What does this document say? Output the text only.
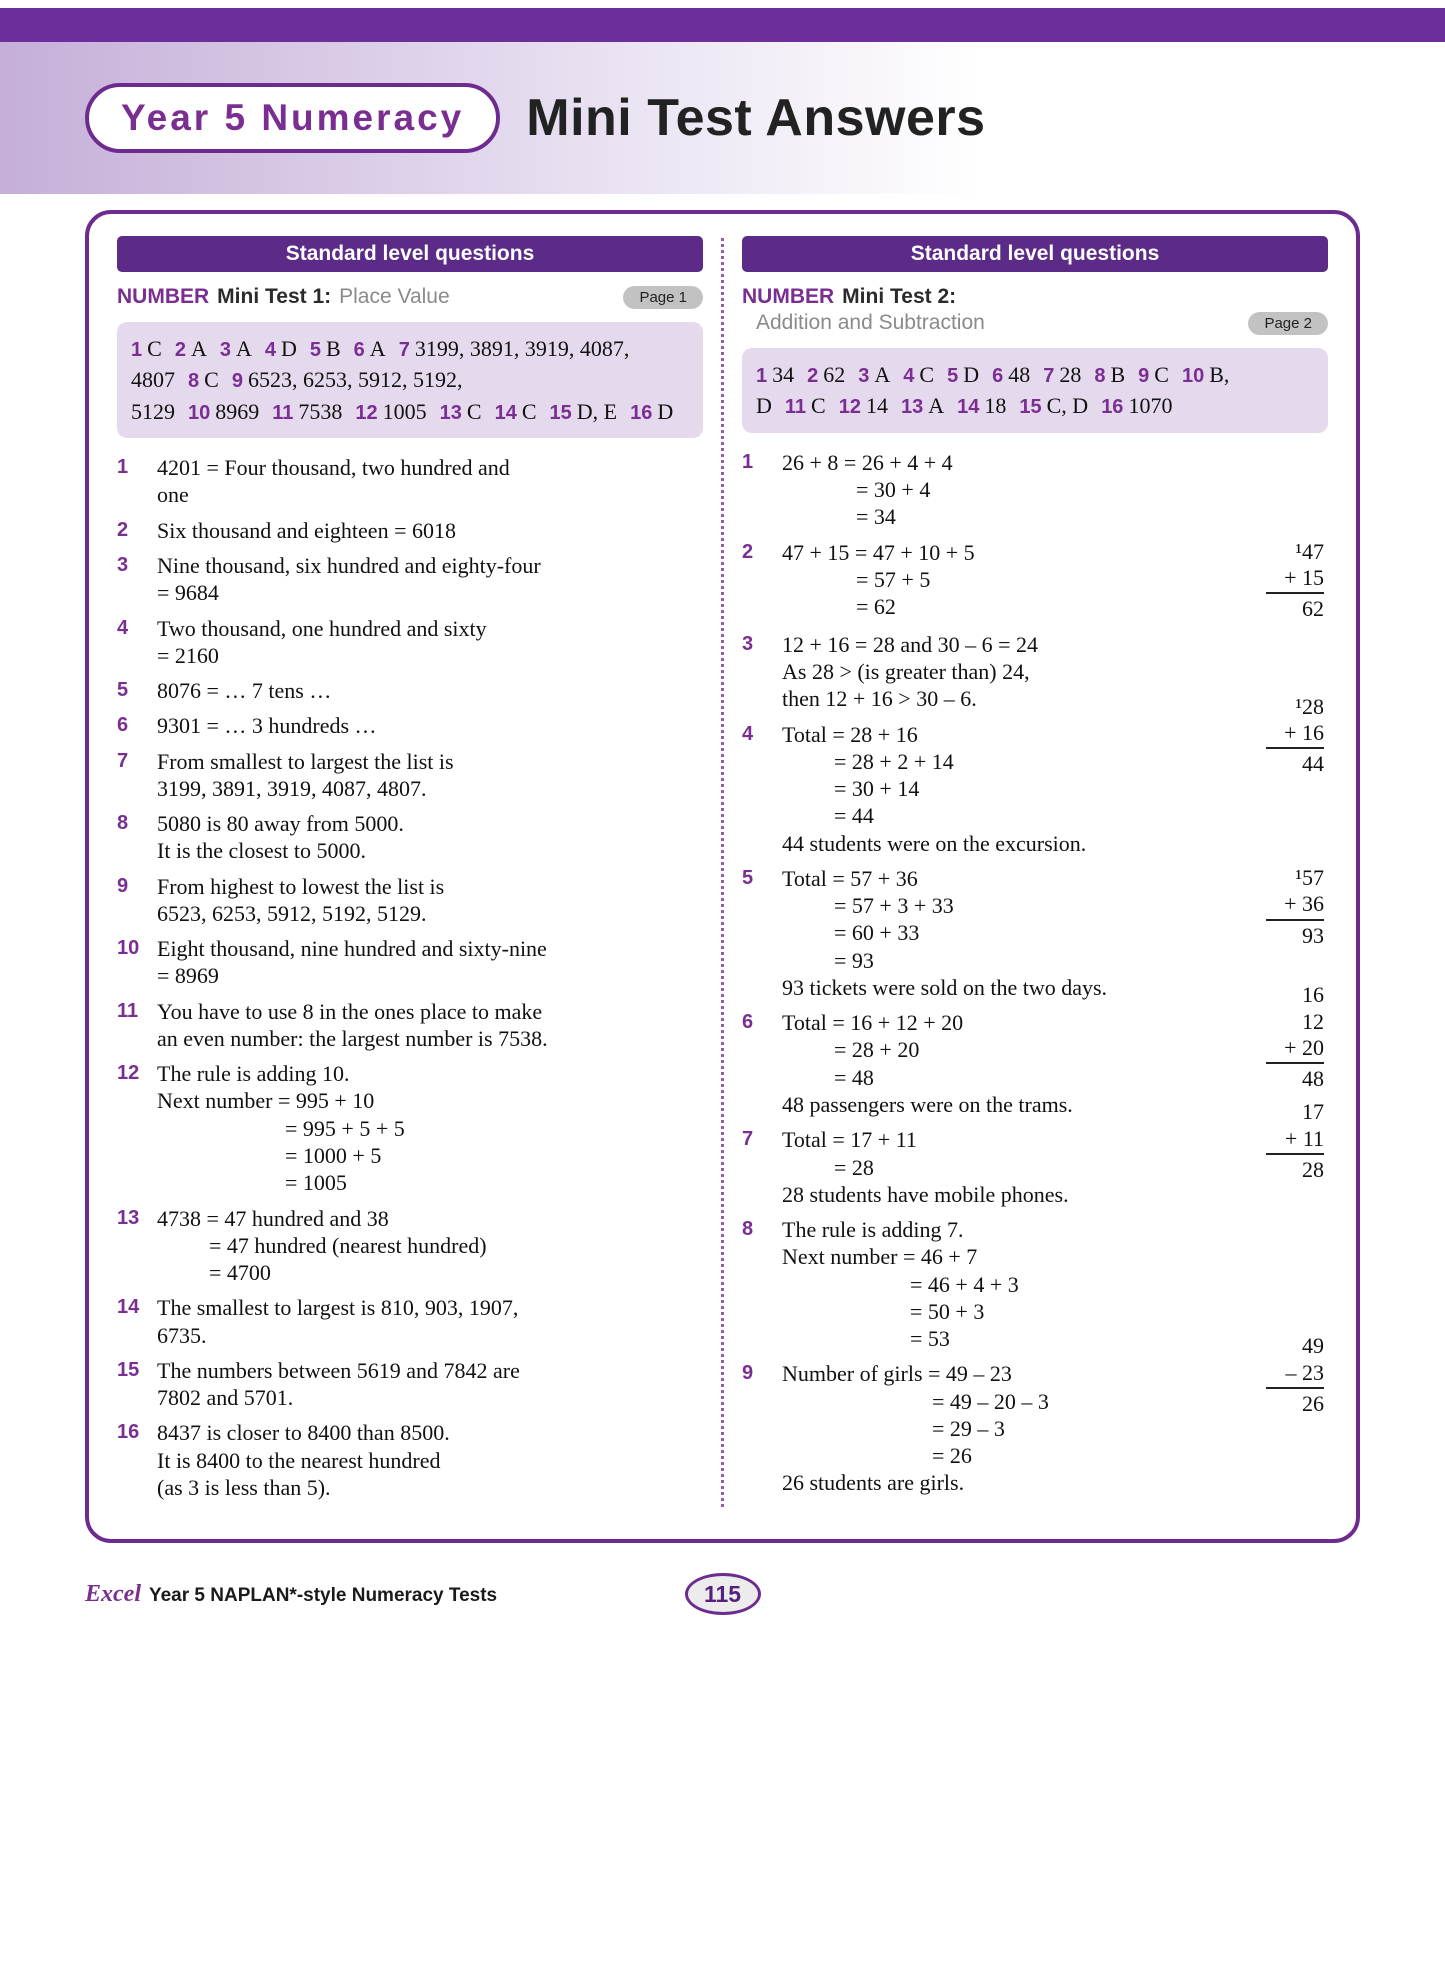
Year 5 Numeracy	Mini Test Answers
Standard level questions
NUMBER Mini Test 1: Place Value	Page 1
1 C 2 A 3 A 4 D 5 B 6 A 7 3199, 3891, 3919, 4087, 4807 8 C 9 6523, 6253, 5912, 5192, 5129 10 8969 11 7538 12 1005 13 C 14 C 15 D, E 16 D
1	4201 = Four thousand, two hundred and
one
2	Six thousand and eighteen = 6018
3	Nine thousand, six hundred and eighty-four
= 9684
4	Two thousand, one hundred and sixty
= 2160
5	8076 = … 7 tens …
6	9301 = … 3 hundreds …
7	From smallest to largest the list is
3199, 3891, 3919, 4087, 4807.
8	5080 is 80 away from 5000.
It is the closest to 5000.
9	From highest to lowest the list is
6523, 6253, 5912, 5192, 5129.
10 Eight thousand, nine hundred and sixty-nine
= 8969
11 You have to use 8 in the ones place to make
an even number: the largest number is 7538.
12 The rule is adding 10.
Next number = 995 + 10
= 995 + 5 + 5
= 1000 + 5
= 1005
13 4738 = 47 hundred and 38
= 47 hundred (nearest hundred)
= 4700
14 The smallest to largest is 810, 903, 1907,
6735.
15 The numbers between 5619 and 7842 are
7802 and 5701.
16 8437 is closer to 8400 than 8500.
It is 8400 to the nearest hundred
(as 3 is less than 5).
Standard level questions
NUMBER Mini Test 2:
Addition and Subtraction	Page 2
1 34 2 62 3 A 4 C 5 D 6 48 7 28 8 B 9 C 10 B, D 11 C 12 14 13 A 14 18 15 C, D 16 1070
1	26 + 8 = 26 + 4 + 4
= 30 + 4
= 34
2	¹47
+ 15
62
47 + 15 = 47 + 10 + 5
= 57 + 5
= 62
3	12 + 16 = 28 and 30 – 6 = 24
As 28 > (is greater than) 24,
then 12 + 16 > 30 – 6.
4
¹28
+ 16
44
Total = 28 + 16
= 28 + 2 + 14
= 30 + 14
= 44
44 students were on the excursion.
5	¹57
+ 36
93
Total = 57 + 36
= 57 + 3 + 33
= 60 + 33
= 93
93 tickets were sold on the two days.
6
16
12
+ 20
48
Total = 16 + 12 + 20
= 28 + 20
= 48
48 passengers were on the trams.
7
17
+ 11
28
Total = 17 + 11
= 28
28 students have mobile phones.
8	The rule is adding 7.
Next number = 46 + 7
= 46 + 4 + 3
= 50 + 3
= 53
9
49
– 23
26
Number of girls = 49 – 23
= 49 – 20 – 3
= 29 – 3
= 26
26 students are girls.
Excel Year 5 NAPLAN*-style Numeracy Tests	115
